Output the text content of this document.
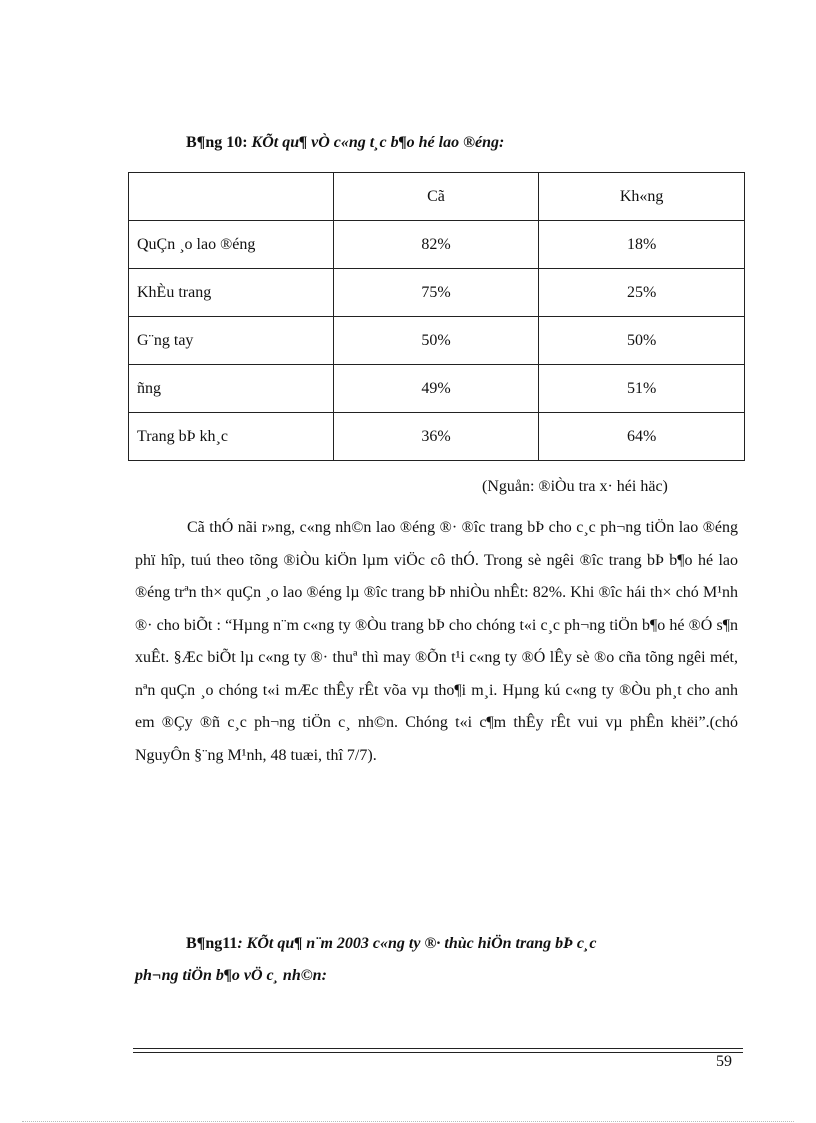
B¶ng 10: KÕt qu¶ vÒ c«ng t¸c b¶o hé lao ®éng:
	Cã	Kh«ng
QuÇn ¸o lao ®éng	82%	18%
KhÈu trang	75%	25%
G¨ng tay	50%	50%
ñng	49%	51%
Trang bÞ kh¸c	36%	64%
(Nguån: ®iÒu tra x· héi häc)

Cã thÓ nãi r»ng, c«ng nh©n lao ®éng ®· ®îc trang bÞ cho c¸c ph¬ng tiÖn lao ®éng phï hîp, tuú theo tõng ®iÒu kiÖn lµm viÖc cô thÓ. Trong sè ngêi ®îc trang bÞ b¶o hé lao ®éng trªn th× quÇn ¸o lao ®éng lµ ®îc trang bÞ nhiÒu nhÊt: 82%. Khi ®îc hái th× chó M¹nh ®· cho biÕt : “Hµng n¨m c«ng ty ®Òu trang bÞ cho chóng t«i c¸c ph¬ng tiÖn b¶o hé ®Ó s¶n xuÊt. §Æc biÕt lµ c«ng ty ®· thuª thì may ®Õn t¹i c«ng ty ®Ó lÊy sè ®o cña tõng ngêi mét, nªn quÇn ¸o chóng t«i mÆc thÊy rÊt võa vµ tho¶i m¸i. Hµng kú c«ng ty ®Òu ph¸t cho anh em ®Çy ®ñ c¸c ph¬ng tiÖn c¸ nh©n. Chóng t«i c¶m thÊy rÊt vui vµ phÊn khëi”.(chó NguyÔn §¨ng M¹nh, 48 tuæi, thî 7/7).

B¶ng11: KÕt qu¶ n¨m 2003 c«ng ty ®· thùc hiÖn trang bÞ c¸c
ph¬ng tiÖn b¶o vÖ c¸ nh©n:
59
